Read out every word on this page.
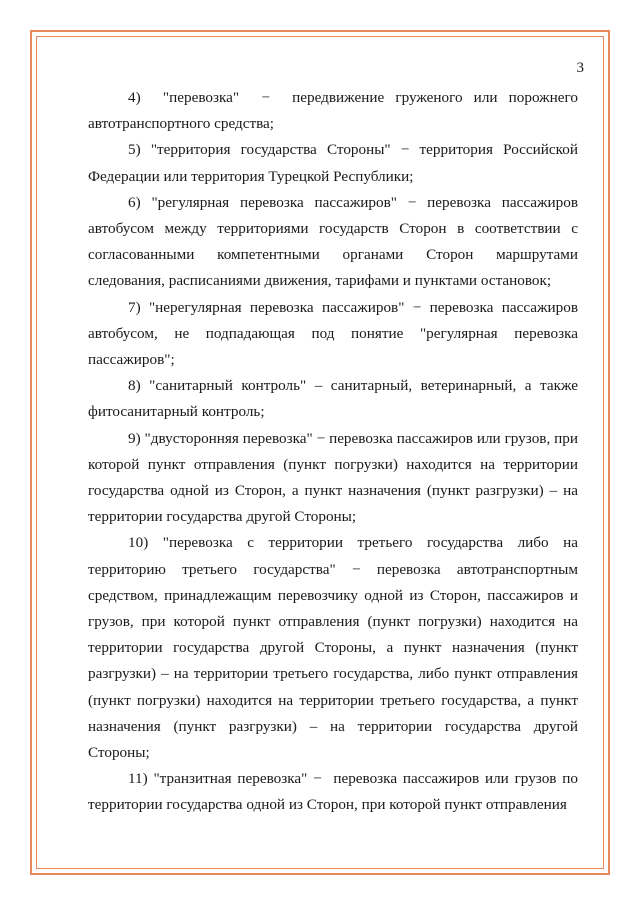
3

4)  "перевозка"  −  передвижение груженого или порожнего автотранспортного средства;

5) "территория государства Стороны" − территория Российской Федерации или территория Турецкой Республики;

6) "регулярная перевозка пассажиров" − перевозка пассажиров автобусом между территориями государств Сторон в соответствии с согласованными компетентными органами Сторон маршрутами следования, расписаниями движения, тарифами и пунктами остановок;

7) "нерегулярная перевозка пассажиров" − перевозка пассажиров автобусом, не подпадающая под понятие "регулярная перевозка пассажиров";

8) "санитарный контроль" – санитарный, ветеринарный, а также фитосанитарный контроль;

9) "двусторонняя перевозка" − перевозка пассажиров или грузов, при которой пункт отправления (пункт погрузки) находится на территории государства одной из Сторон, а пункт назначения (пункт разгрузки) – на территории государства другой Стороны;

10) "перевозка с территории третьего государства либо на территорию третьего государства" − перевозка автотранспортным средством, принадлежащим перевозчику одной из Сторон, пассажиров и грузов, при которой пункт отправления (пункт погрузки) находится на территории государства другой Стороны, а пункт назначения (пункт разгрузки) – на территории третьего государства, либо пункт отправления (пункт погрузки) находится на территории третьего государства, а пункт назначения (пункт разгрузки) – на территории государства другой Стороны;

11) "транзитная перевозка" −  перевозка пассажиров или грузов по территории государства одной из Сторон, при которой пункт отправления
